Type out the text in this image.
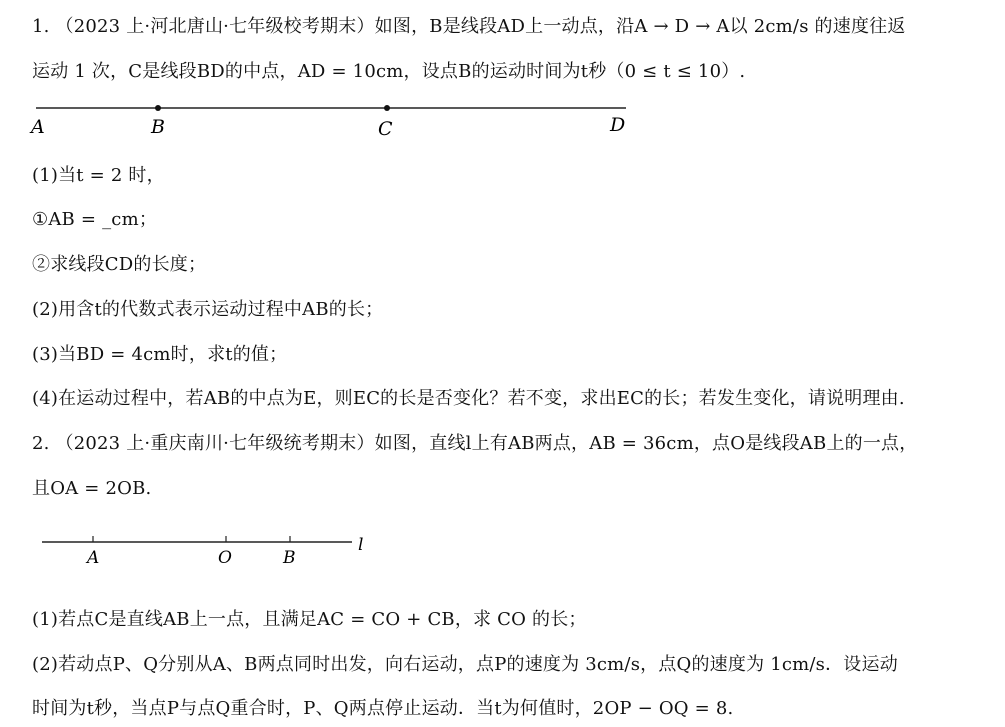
1. （2023 上·河北唐山·七年级校考期末）如图，B是线段AD上一动点，沿A → D → A以 2cm/s 的速度往返
运动 1 次，C是线段BD的中点，AD = 10cm，设点B的运动时间为t秒（0 ≤ t ≤ 10）.
A	B	C	D
(1)当t = 2 时，
①AB = _cm；
②求线段CD的长度；
(2)用含t的代数式表示运动过程中AB的长；
(3)当BD = 4cm时，求t的值；
(4)在运动过程中，若AB的中点为E，则EC的长是否变化？若不变，求出EC的长；若发生变化，请说明理由.
2. （2023 上·重庆南川·七年级统考期末）如图，直线l上有AB两点，AB = 36cm，点O是线段AB上的一点，
且OA = 2OB.
A	O	B
l
(1)若点C是直线AB上一点，且满足AC = CO + CB，求 CO 的长；
(2)若动点P、Q分别从A、B两点同时出发，向右运动，点P的速度为 3cm/s，点Q的速度为 1cm/s．设运动
时间为t秒，当点P与点Q重合时，P、Q两点停止运动．当t为何值时，2OP − OQ = 8.
